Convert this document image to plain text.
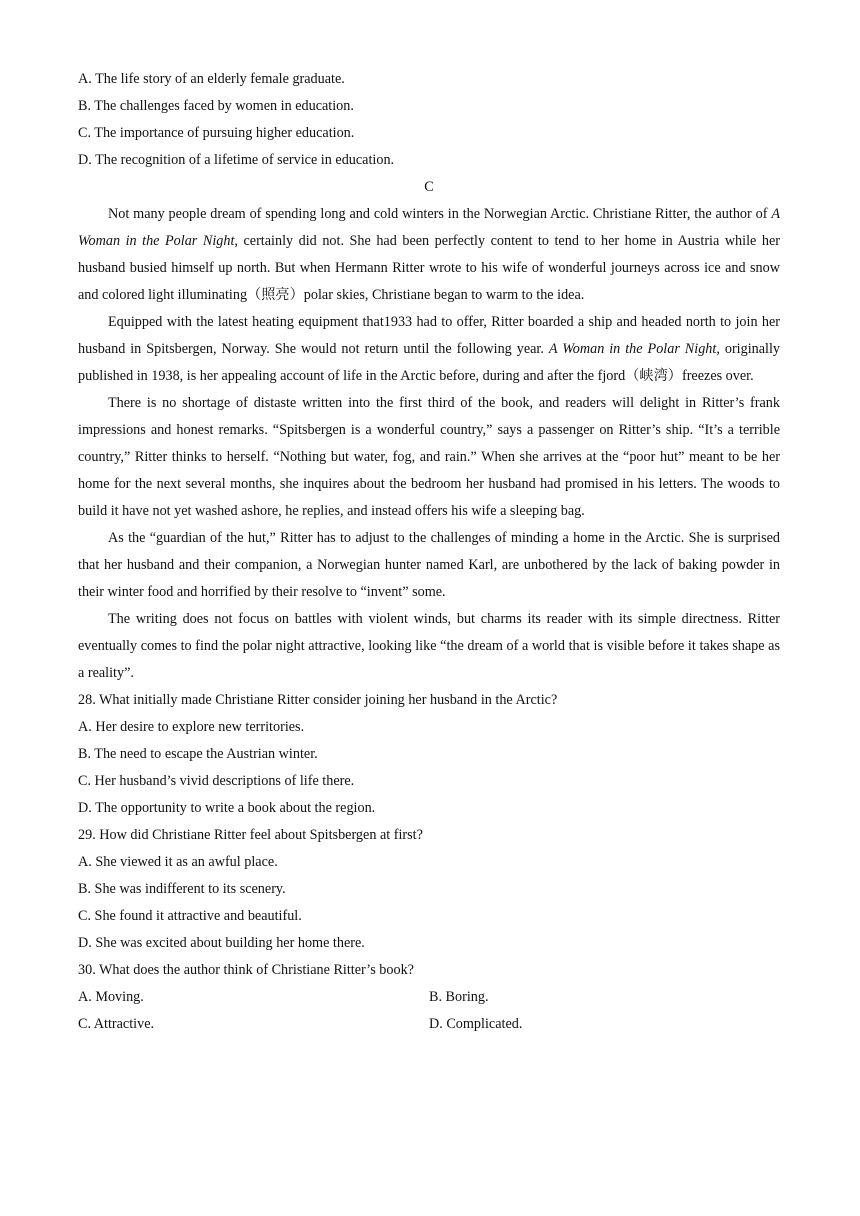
A. The life story of an elderly female graduate.
B. The challenges faced by women in education.
C. The importance of pursuing higher education.
D. The recognition of a lifetime of service in education.
C
Not many people dream of spending long and cold winters in the Norwegian Arctic. Christiane Ritter, the author of A Woman in the Polar Night, certainly did not. She had been perfectly content to tend to her home in Austria while her husband busied himself up north. But when Hermann Ritter wrote to his wife of wonderful journeys across ice and snow and colored light illuminating（照亮）polar skies, Christiane began to warm to the idea.
Equipped with the latest heating equipment that1933 had to offer, Ritter boarded a ship and headed north to join her husband in Spitsbergen, Norway. She would not return until the following year. A Woman in the Polar Night, originally published in 1938, is her appealing account of life in the Arctic before, during and after the fjord（峡湾）freezes over.
There is no shortage of distaste written into the first third of the book, and readers will delight in Ritter’s frank impressions and honest remarks. “Spitsbergen is a wonderful country,” says a passenger on Ritter’s ship. “It’s a terrible country,” Ritter thinks to herself. “Nothing but water, fog, and rain.” When she arrives at the “poor hut” meant to be her home for the next several months, she inquires about the bedroom her husband had promised in his letters. The woods to build it have not yet washed ashore, he replies, and instead offers his wife a sleeping bag.
As the “guardian of the hut,” Ritter has to adjust to the challenges of minding a home in the Arctic. She is surprised that her husband and their companion, a Norwegian hunter named Karl, are unbothered by the lack of baking powder in their winter food and horrified by their resolve to “invent” some.
The writing does not focus on battles with violent winds, but charms its reader with its simple directness. Ritter eventually comes to find the polar night attractive, looking like “the dream of a world that is visible before it takes shape as a reality”.
28. What initially made Christiane Ritter consider joining her husband in the Arctic?
A. Her desire to explore new territories.
B. The need to escape the Austrian winter.
C. Her husband’s vivid descriptions of life there.
D. The opportunity to write a book about the region.
29. How did Christiane Ritter feel about Spitsbergen at first?
A. She viewed it as an awful place.
B. She was indifferent to its scenery.
C. She found it attractive and beautiful.
D. She was excited about building her home there.
30. What does the author think of Christiane Ritter’s book?
A. Moving.	B. Boring.
C. Attractive.	D. Complicated.
